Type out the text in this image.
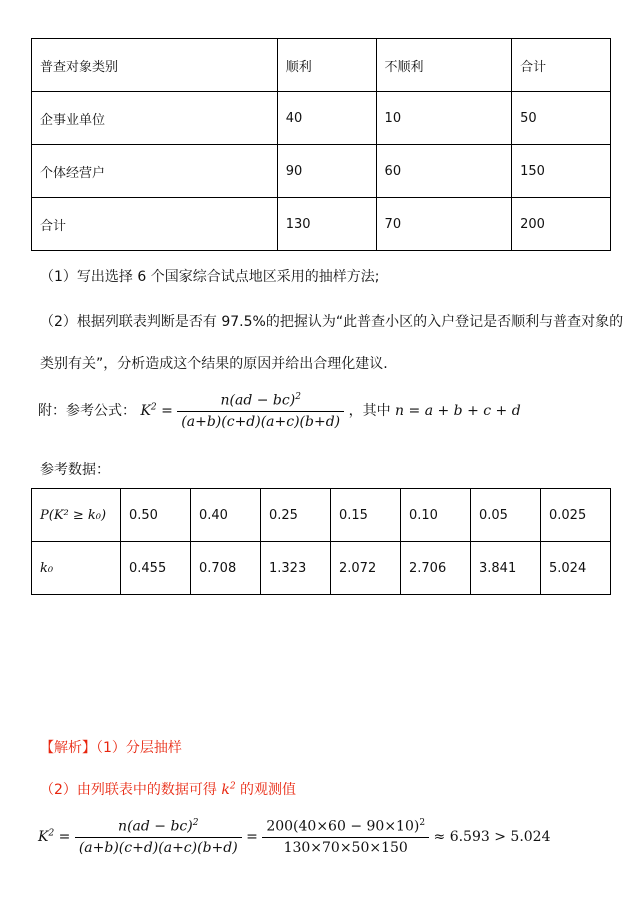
普查对象类别	顺利	不顺利	合计
企事业单位	40	10	50
个体经营户	90	60	150
合计	130	70	200
（1）写出选择 6 个国家综合试点地区采用的抽样方法;
（2）根据列联表判断是否有 97.5%的把握认为“此普查小区的入户登记是否顺利与普查对象的
类别有关”，分析造成这个结果的原因并给出合理化建议.
附：参考公式： $K^2 = \frac{n(ad - bc)^2}{(a+b)(c+d)(a+c)(b+d)}$ ，其中 n = a + b + c + d
参考数据：
P(K² ≥ k₀)	0.50	0.40	0.25	0.15	0.10	0.05	0.025
k₀	0.455	0.708	1.323	2.072	2.706	3.841	5.024
【解析】（1）分层抽样
（2）由列联表中的数据可得 $k^2$ 的观测值
$K^2 = \frac{n(ad - bc)^2}{(a+b)(c+d)(a+c)(b+d)} = \frac{200(40\times 60 - 90\times 10)^2}{130\times 70\times 50\times 150} \approx 6.593 > 5.024$
